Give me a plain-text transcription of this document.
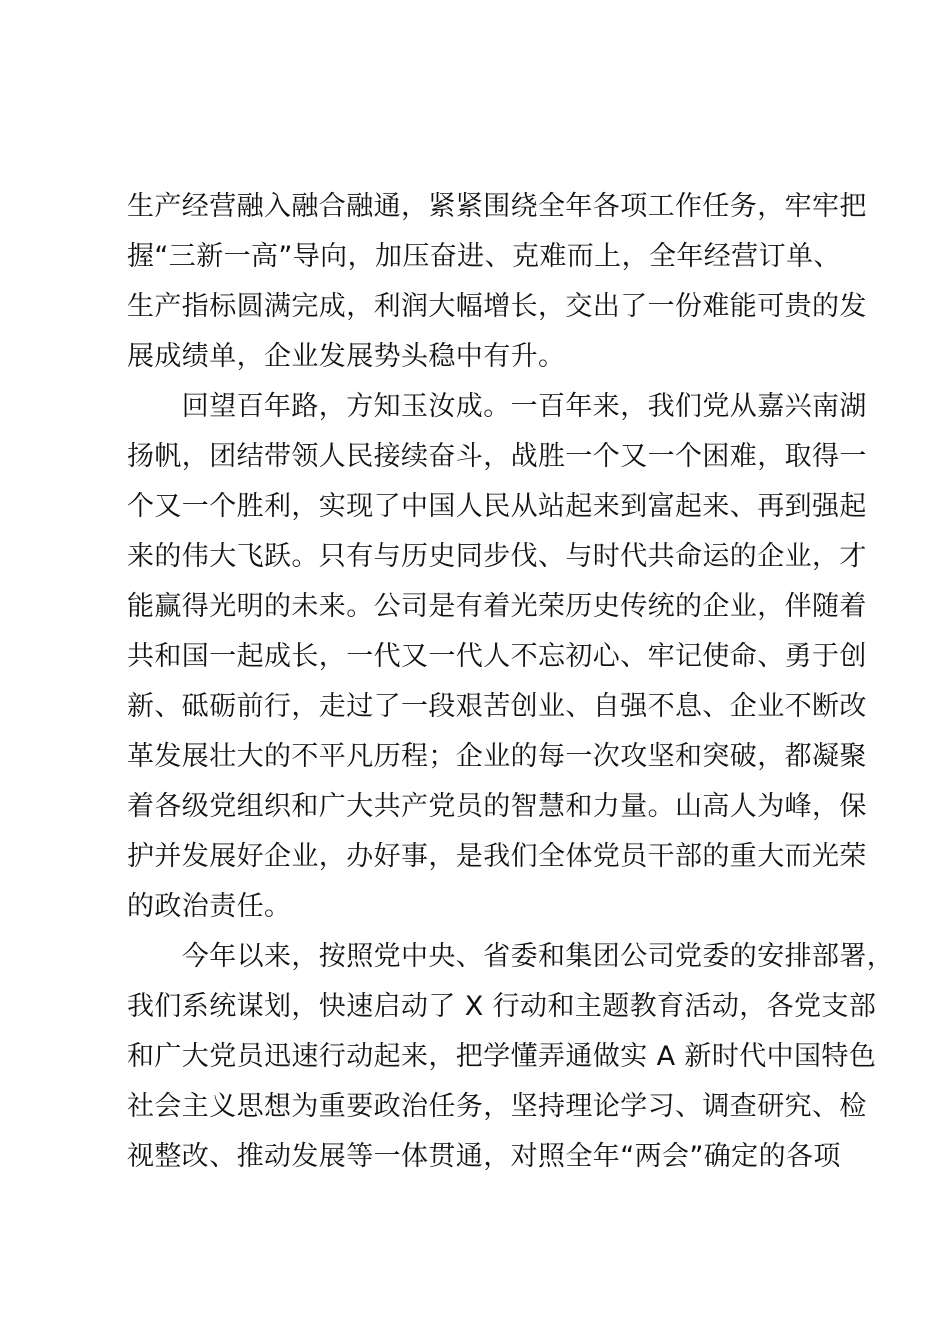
生产经营融入融合融通，紧紧围绕全年各项工作任务，牢牢把
握“三新一高”导向，加压奋进、克难而上，全年经营订单、
生产指标圆满完成，利润大幅增长，交出了一份难能可贵的发
展成绩单，企业发展势头稳中有升。
　　回望百年路，方知玉汝成。一百年来，我们党从嘉兴南湖
扬帆，团结带领人民接续奋斗，战胜一个又一个困难，取得一
个又一个胜利，实现了中国人民从站起来到富起来、再到强起
来的伟大飞跃。只有与历史同步伐、与时代共命运的企业，才
能赢得光明的未来。公司是有着光荣历史传统的企业，伴随着
共和国一起成长，一代又一代人不忘初心、牢记使命、勇于创
新、砥砺前行，走过了一段艰苦创业、自强不息、企业不断改
革发展壮大的不平凡历程；企业的每一次攻坚和突破，都凝聚
着各级党组织和广大共产党员的智慧和力量。山高人为峰，保
护并发展好企业，办好事，是我们全体党员干部的重大而光荣
的政治责任。
　　今年以来，按照党中央、省委和集团公司党委的安排部署，
我们系统谋划，快速启动了 X 行动和主题教育活动，各党支部
和广大党员迅速行动起来，把学懂弄通做实 A 新时代中国特色
社会主义思想为重要政治任务，坚持理论学习、调查研究、检
视整改、推动发展等一体贯通，对照全年“两会”确定的各项
